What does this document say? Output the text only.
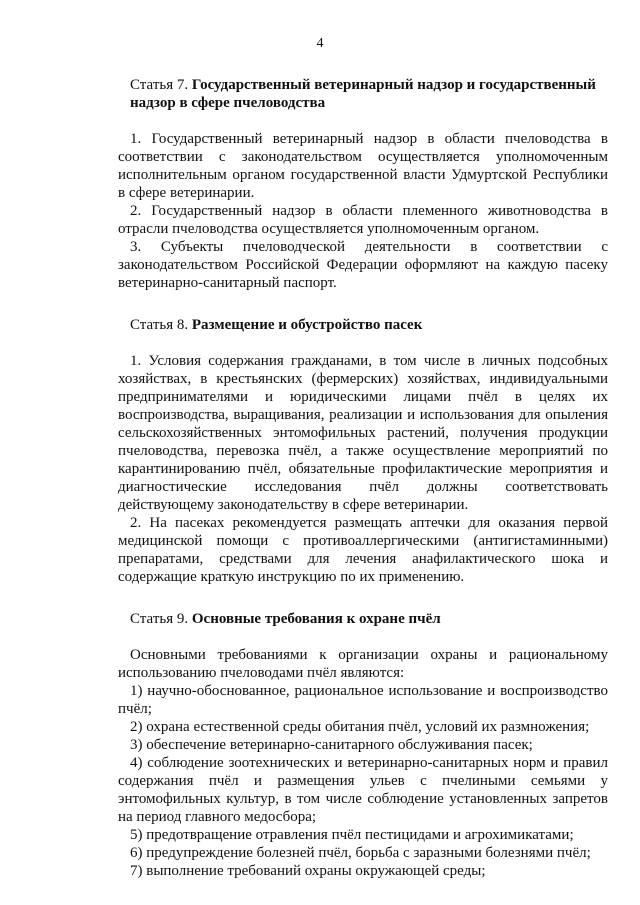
4
Статья 7. Государственный ветеринарный надзор и государственный надзор в сфере пчеловодства

1. Государственный ветеринарный надзор в области пчеловодства в соответствии с законодательством осуществляется уполномоченным исполнительным органом государственной власти Удмуртской Республики в сфере ветеринарии.

2. Государственный надзор в области племенного животноводства в отрасли пчеловодства осуществляется уполномоченным органом.

3. Субъекты пчеловодческой деятельности в соответствии с законодательством Российской Федерации оформляют на каждую пасеку ветеринарно-санитарный паспорт.

Статья 8. Размещение и обустройство пасек

1. Условия содержания гражданами, в том числе в личных подсобных хозяйствах, в крестьянских (фермерских) хозяйствах, индивидуальными предпринимателями и юридическими лицами пчёл в целях их воспроизводства, выращивания, реализации и использования для опыления сельскохозяйственных энтомофильных растений, получения продукции пчеловодства, перевозка пчёл, а также осуществление мероприятий по карантинированию пчёл, обязательные профилактические мероприятия и диагностические исследования пчёл должны соответствовать действующему законодательству в сфере ветеринарии.

2. На пасеках рекомендуется размещать аптечки для оказания первой медицинской помощи с противоаллергическими (антигистаминными) препаратами, средствами для лечения анафилактического шока и содержащие краткую инструкцию по их применению.

Статья 9. Основные требования к охране пчёл

Основными требованиями к организации охраны и рациональному использованию пчеловодами пчёл являются:

1) научно-обоснованное, рациональное использование и воспроизводство пчёл;

2) охрана естественной среды обитания пчёл, условий их размножения;

3) обеспечение ветеринарно-санитарного обслуживания пасек;

4) соблюдение зоотехнических и ветеринарно-санитарных норм и правил содержания пчёл и размещения ульев с пчелиными семьями у энтомофильных культур, в том числе соблюдение установленных запретов на период главного медосбора;

5) предотвращение отравления пчёл пестицидами и агрохимикатами;

6) предупреждение болезней пчёл, борьба с заразными болезнями пчёл;

7) выполнение требований охраны окружающей среды;
